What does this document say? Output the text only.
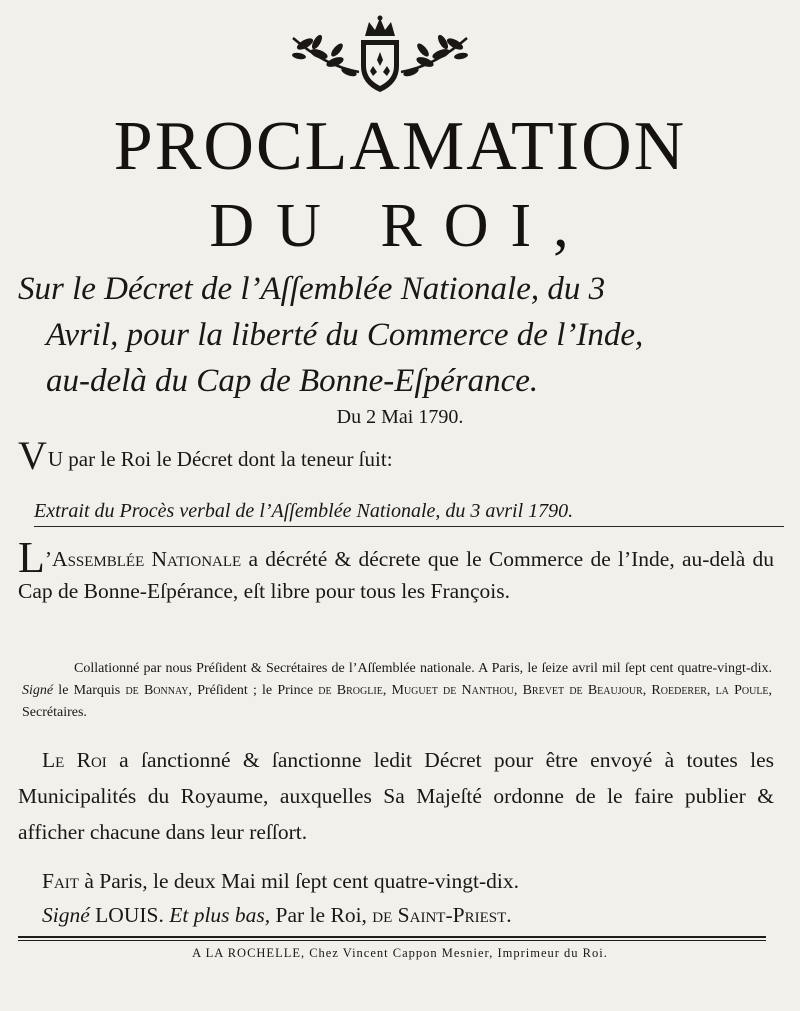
PROCLAMATION
DU ROI,
Sur le Décret de l’Aſſemblée Nationale, du 3
Avril, pour la liberté du Commerce de l’Inde,
au-delà du Cap de Bonne-Eſpérance.
Du 2 Mai 1790.
VU par le Roi le Décret dont la teneur ſuit:
Extrait du Procès verbal de l’Aſſemblée Nationale, du 3 avril 1790.
L’Assemblée Nationale a décrété & décrete que le Commerce de l’Inde, au-delà du Cap de Bonne-Eſpérance, eſt libre pour tous les François.
Collationné par nous Préſident & Secrétaires de l’Aſſemblée nationale. A Paris, le ſeize avril mil ſept cent quatre-vingt-dix. Signé le Marquis de Bonnay, Préſident ; le Prince de Broglie, Muguet de Nanthou, Brevet de Beaujour, Roederer, la Poule, Secrétaires.
Le Roi a ſanctionné & ſanctionne ledit Décret pour être envoyé à toutes les Municipalités du Royaume, auxquelles Sa Majeſté ordonne de le faire publier & afficher chacune dans leur reſſort.
Fait à Paris, le deux Mai mil ſept cent quatre-vingt-dix.
Signé LOUIS. Et plus bas, Par le Roi, de Saint-Priest.
A LA ROCHELLE, Chez Vincent Cappon Mesnier, Imprimeur du Roi.
